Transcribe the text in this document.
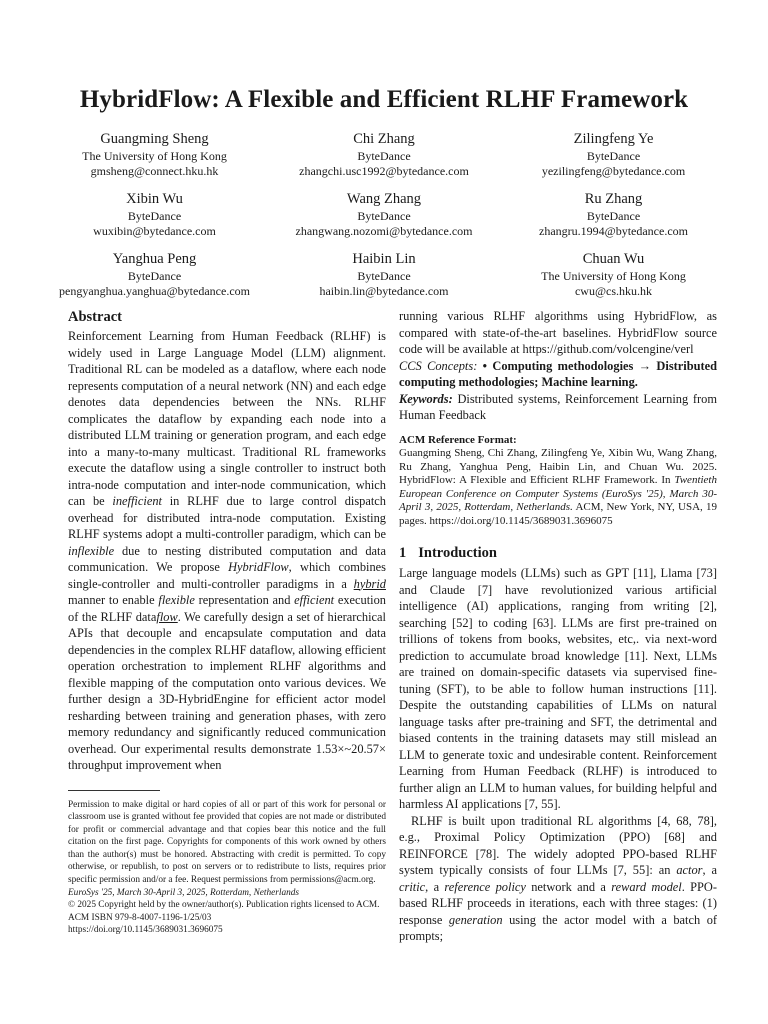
HybridFlow: A Flexible and Efficient RLHF Framework
Guangming Sheng
The University of Hong Kong
gmsheng@connect.hku.hk
Chi Zhang
ByteDance
zhangchi.usc1992@bytedance.com
Zilingfeng Ye
ByteDance
yezilingfeng@bytedance.com
Xibin Wu
ByteDance
wuxibin@bytedance.com
Wang Zhang
ByteDance
zhangwang.nozomi@bytedance.com
Ru Zhang
ByteDance
zhangru.1994@bytedance.com
Yanghua Peng
ByteDance
pengyanghua.yanghua@bytedance.com
Haibin Lin
ByteDance
haibin.lin@bytedance.com
Chuan Wu
The University of Hong Kong
cwu@cs.hku.hk
Abstract

Reinforcement Learning from Human Feedback (RLHF) is widely used in Large Language Model (LLM) alignment. Traditional RL can be modeled as a dataflow, where each node represents computation of a neural network (NN) and each edge denotes data dependencies between the NNs. RLHF complicates the dataflow by expanding each node into a distributed LLM training or generation program, and each edge into a many-to-many multicast. Traditional RL frameworks execute the dataflow using a single controller to instruct both intra-node computation and inter-node communication, which can be inefficient in RLHF due to large control dispatch overhead for distributed intra-node computation. Existing RLHF systems adopt a multi-controller paradigm, which can be inflexible due to nesting distributed computation and data communication. We propose HybridFlow, which combines single-controller and multi-controller paradigms in a hybrid manner to enable flexible representation and efficient execution of the RLHF dataflow. We carefully design a set of hierarchical APIs that decouple and encapsulate computation and data dependencies in the complex RLHF dataflow, allowing efficient operation orchestration to implement RLHF algorithms and flexible mapping of the computation onto various devices. We further design a 3D-HybridEngine for efficient actor model resharding between training and generation phases, with zero memory redundancy and significantly reduced communication overhead. Our experimental results demonstrate 1.53×~20.57× throughput improvement when

Permission to make digital or hard copies of all or part of this work for personal or classroom use is granted without fee provided that copies are not made or distributed for profit or commercial advantage and that copies bear this notice and the full citation on the first page. Copyrights for components of this work owned by others than the author(s) must be honored. Abstracting with credit is permitted. To copy otherwise, or republish, to post on servers or to redistribute to lists, requires prior specific permission and/or a fee. Request permissions from permissions@acm.org.

EuroSys '25, March 30-April 3, 2025, Rotterdam, Netherlands

© 2025 Copyright held by the owner/author(s). Publication rights licensed to ACM.

ACM ISBN 979-8-4007-1196-1/25/03

https://doi.org/10.1145/3689031.3696075

running various RLHF algorithms using HybridFlow, as compared with state-of-the-art baselines. HybridFlow source code will be available at https://github.com/volcengine/verl

CCS Concepts: • Computing methodologies → Distributed computing methodologies; Machine learning.

Keywords: Distributed systems, Reinforcement Learning from Human Feedback

ACM Reference Format:

Guangming Sheng, Chi Zhang, Zilingfeng Ye, Xibin Wu, Wang Zhang, Ru Zhang, Yanghua Peng, Haibin Lin, and Chuan Wu. 2025. HybridFlow: A Flexible and Efficient RLHF Framework. In Twentieth European Conference on Computer Systems (EuroSys '25), March 30-April 3, 2025, Rotterdam, Netherlands. ACM, New York, NY, USA, 19 pages. https://doi.org/10.1145/3689031.3696075

1 Introduction

Large language models (LLMs) such as GPT [11], Llama [73] and Claude [7] have revolutionized various artificial intelligence (AI) applications, ranging from writing [2], searching [52] to coding [63]. LLMs are first pre-trained on trillions of tokens from books, websites, etc,. via next-word prediction to accumulate broad knowledge [11]. Next, LLMs are trained on domain-specific datasets via supervised fine-tuning (SFT), to be able to follow human instructions [11]. Despite the outstanding capabilities of LLMs on natural language tasks after pre-training and SFT, the detrimental and biased contents in the training datasets may still mislead an LLM to generate toxic and undesirable content. Reinforcement Learning from Human Feedback (RLHF) is introduced to further align an LLM to human values, for building helpful and harmless AI applications [7, 55].

RLHF is built upon traditional RL algorithms [4, 68, 78], e.g., Proximal Policy Optimization (PPO) [68] and REINFORCE [78]. The widely adopted PPO-based RLHF system typically consists of four LLMs [7, 55]: an actor, a critic, a reference policy network and a reward model. PPO-based RLHF proceeds in iterations, each with three stages: (1) response generation using the actor model with a batch of prompts;
